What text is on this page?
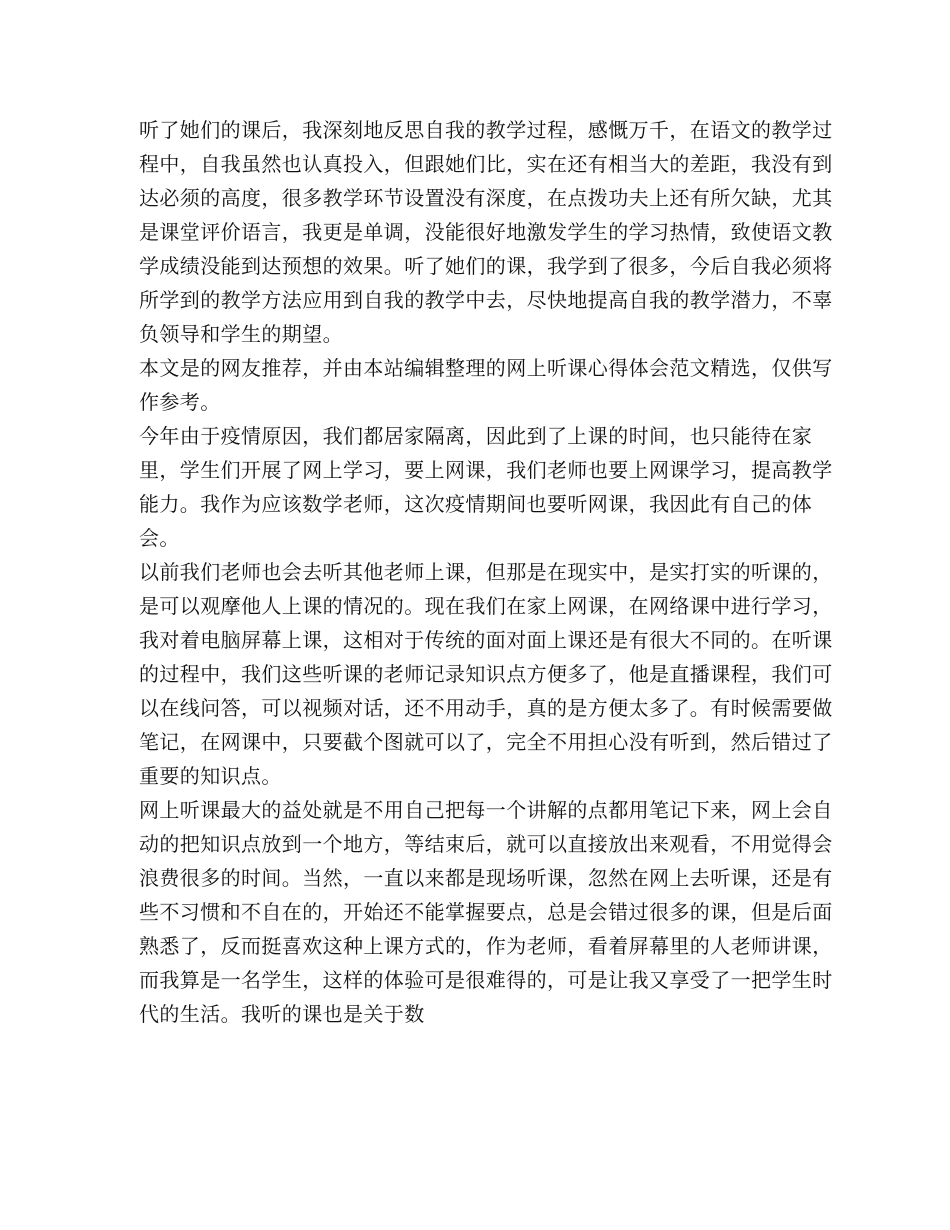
听了她们的课后，我深刻地反思自我的教学过程，感慨万千，在语文的教学过程中，自我虽然也认真投入，但跟她们比，实在还有相当大的差距，我没有到达必须的高度，很多教学环节设置没有深度，在点拨功夫上还有所欠缺，尤其是课堂评价语言，我更是单调，没能很好地激发学生的学习热情，致使语文教学成绩没能到达预想的效果。听了她们的课，我学到了很多，今后自我必须将所学到的教学方法应用到自我的教学中去，尽快地提高自我的教学潜力，不辜负领导和学生的期望。

本文是的网友推荐，并由本站编辑整理的网上听课心得体会范文精选，仅供写作参考。

今年由于疫情原因，我们都居家隔离，因此到了上课的时间，也只能待在家里，学生们开展了网上学习，要上网课，我们老师也要上网课学习，提高教学能力。我作为应该数学老师，这次疫情期间也要听网课，我因此有自己的体会。

以前我们老师也会去听其他老师上课，但那是在现实中，是实打实的听课的，是可以观摩他人上课的情况的。现在我们在家上网课，在网络课中进行学习，我对着电脑屏幕上课，这相对于传统的面对面上课还是有很大不同的。在听课的过程中，我们这些听课的老师记录知识点方便多了，他是直播课程，我们可以在线问答，可以视频对话，还不用动手，真的是方便太多了。有时候需要做笔记，在网课中，只要截个图就可以了，完全不用担心没有听到，然后错过了重要的知识点。

网上听课最大的益处就是不用自己把每一个讲解的点都用笔记下来，网上会自动的把知识点放到一个地方，等结束后，就可以直接放出来观看，不用觉得会浪费很多的时间。当然，一直以来都是现场听课，忽然在网上去听课，还是有些不习惯和不自在的，开始还不能掌握要点，总是会错过很多的课，但是后面熟悉了，反而挺喜欢这种上课方式的，作为老师，看着屏幕里的人老师讲课，而我算是一名学生，这样的体验可是很难得的，可是让我又享受了一把学生时代的生活。我听的课也是关于数
